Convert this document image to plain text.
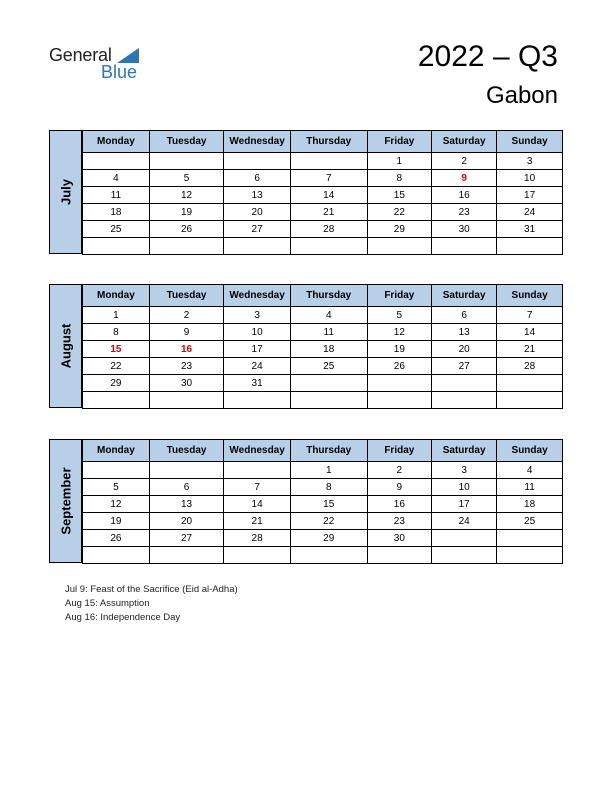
General
Blue	2022 – Q3
Gabon
July
Monday	Tuesday	Wednesday	Thursday	Friday	Saturday	Sunday
				1	2	3
4	5	6	7	8	9	10
11	12	13	14	15	16	17
18	19	20	21	22	23	24
25	26	27	28	29	30	31

August
Monday	Tuesday	Wednesday	Thursday	Friday	Saturday	Sunday
1	2	3	4	5	6	7
8	9	10	11	12	13	14
15	16	17	18	19	20	21
22	23	24	25	26	27	28
29	30	31				

September
Monday	Tuesday	Wednesday	Thursday	Friday	Saturday	Sunday
			1	2	3	4
5	6	7	8	9	10	11
12	13	14	15	16	17	18
19	20	21	22	23	24	25
26	27	28	29	30		

Jul 9: Feast of the Sacrifice (Eid al-Adha)
Aug 15: Assumption
Aug 16: Independence Day
